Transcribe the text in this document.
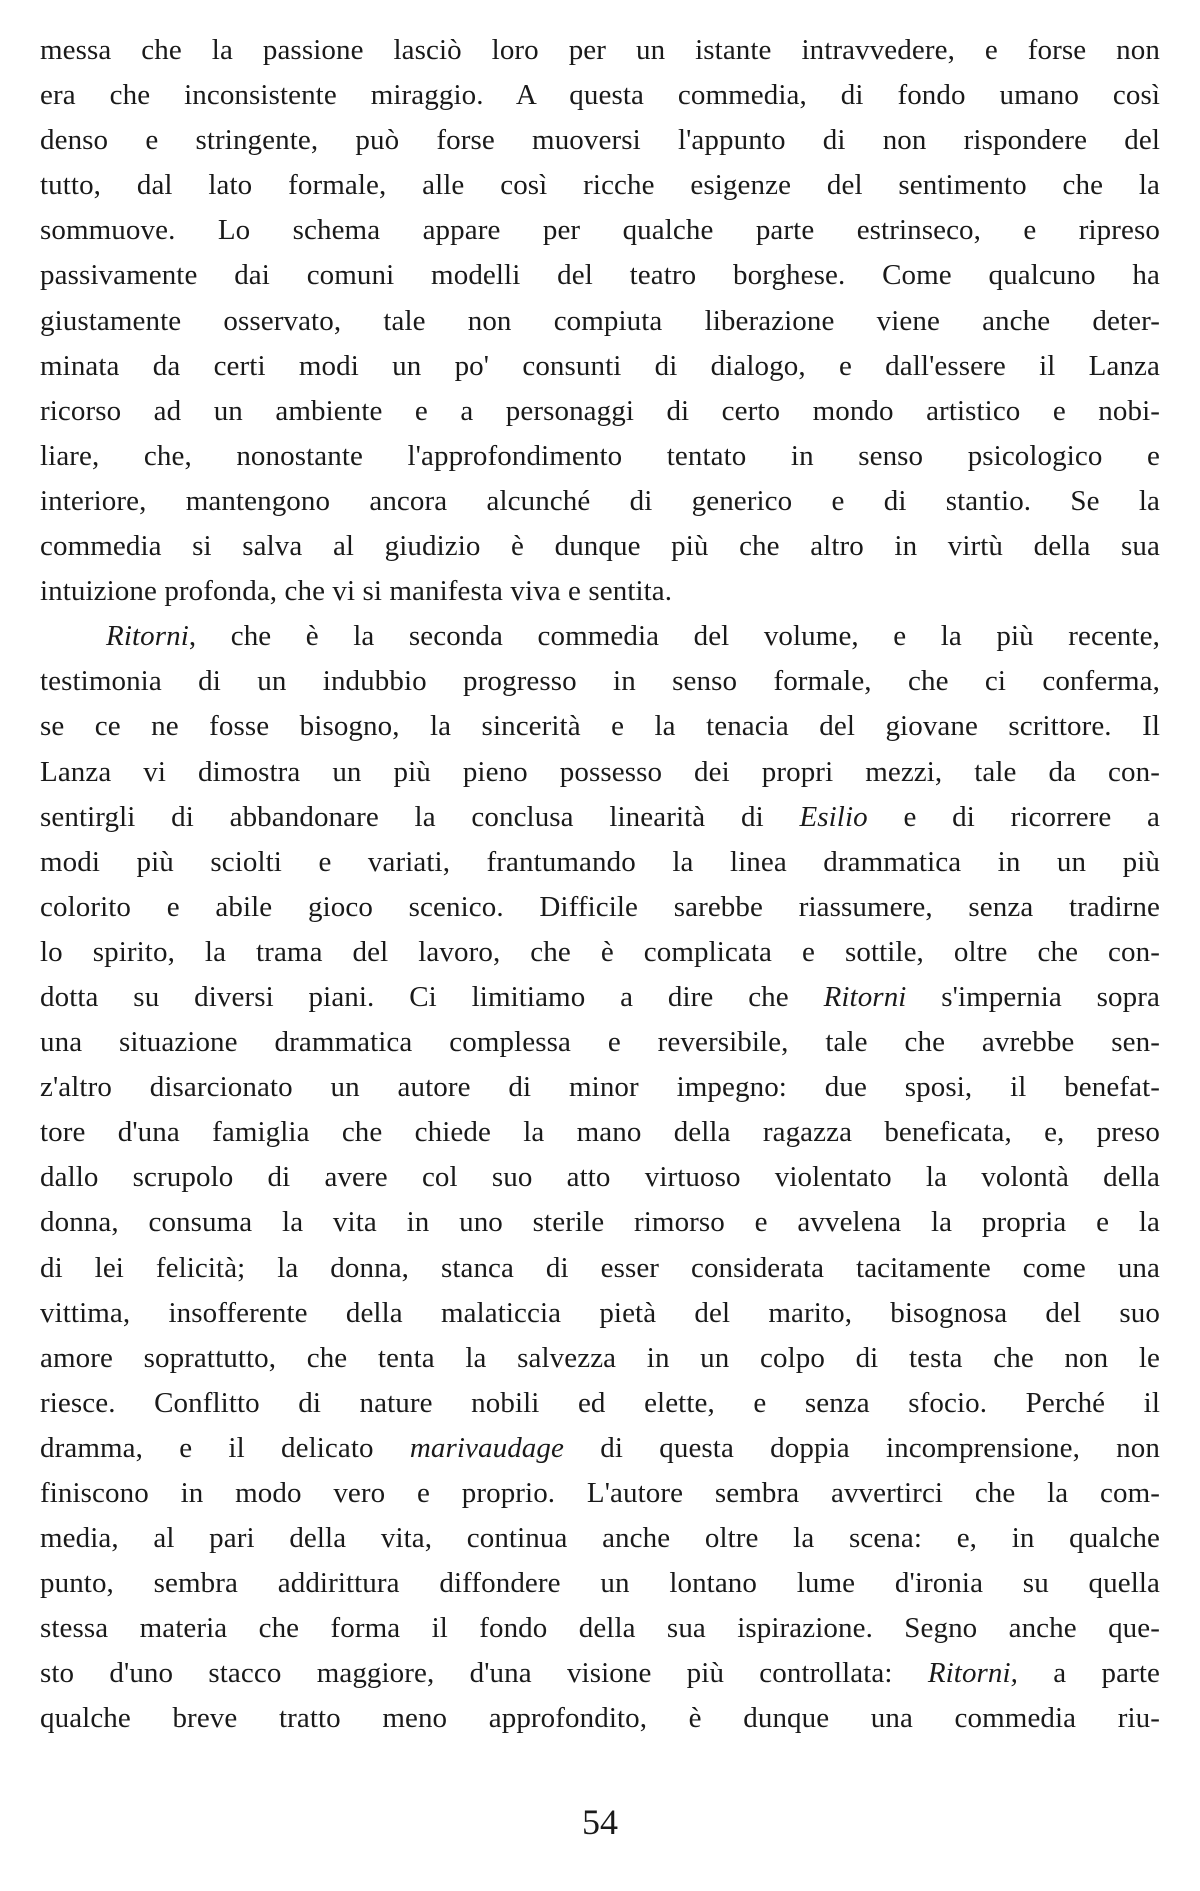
messa che la passione lasciò loro per un istante intravvedere, e forse non
era che inconsistente miraggio. A questa commedia, di fondo umano così
denso e stringente, può forse muoversi l'appunto di non rispondere del
tutto, dal lato formale, alle così ricche esigenze del sentimento che la
sommuove. Lo schema appare per qualche parte estrinseco, e ripreso
passivamente dai comuni modelli del teatro borghese. Come qualcuno ha
giustamente osservato, tale non compiuta liberazione viene anche deter-
minata da certi modi un po' consunti di dialogo, e dall'essere il Lanza
ricorso ad un ambiente e a personaggi di certo mondo artistico e nobi-
liare, che, nonostante l'approfondimento tentato in senso psicologico e
interiore, mantengono ancora alcunché di generico e di stantio. Se la
commedia si salva al giudizio è dunque più che altro in virtù della sua
intuizione profonda, che vi si manifesta viva e sentita.
Ritorni, che è la seconda commedia del volume, e la più recente,
testimonia di un indubbio progresso in senso formale, che ci conferma,
se ce ne fosse bisogno, la sincerità e la tenacia del giovane scrittore. Il
Lanza vi dimostra un più pieno possesso dei propri mezzi, tale da con-
sentirgli di abbandonare la conclusa linearità di Esilio e di ricorrere a
modi più sciolti e variati, frantumando la linea drammatica in un più
colorito e abile gioco scenico. Difficile sarebbe riassumere, senza tradirne
lo spirito, la trama del lavoro, che è complicata e sottile, oltre che con-
dotta su diversi piani. Ci limitiamo a dire che Ritorni s'impernia sopra
una situazione drammatica complessa e reversibile, tale che avrebbe sen-
z'altro disarcionato un autore di minor impegno: due sposi, il benefat-
tore d'una famiglia che chiede la mano della ragazza beneficata, e, preso
dallo scrupolo di avere col suo atto virtuoso violentato la volontà della
donna, consuma la vita in uno sterile rimorso e avvelena la propria e la
di lei felicità; la donna, stanca di esser considerata tacitamente come una
vittima, insofferente della malaticcia pietà del marito, bisognosa del suo
amore soprattutto, che tenta la salvezza in un colpo di testa che non le
riesce. Conflitto di nature nobili ed elette, e senza sfocio. Perché il
dramma, e il delicato marivaudage di questa doppia incomprensione, non
finiscono in modo vero e proprio. L'autore sembra avvertirci che la com-
media, al pari della vita, continua anche oltre la scena: e, in qualche
punto, sembra addirittura diffondere un lontano lume d'ironia su quella
stessa materia che forma il fondo della sua ispirazione. Segno anche que-
sto d'uno stacco maggiore, d'una visione più controllata: Ritorni, a parte
qualche breve tratto meno approfondito, è dunque una commedia riu-
54
